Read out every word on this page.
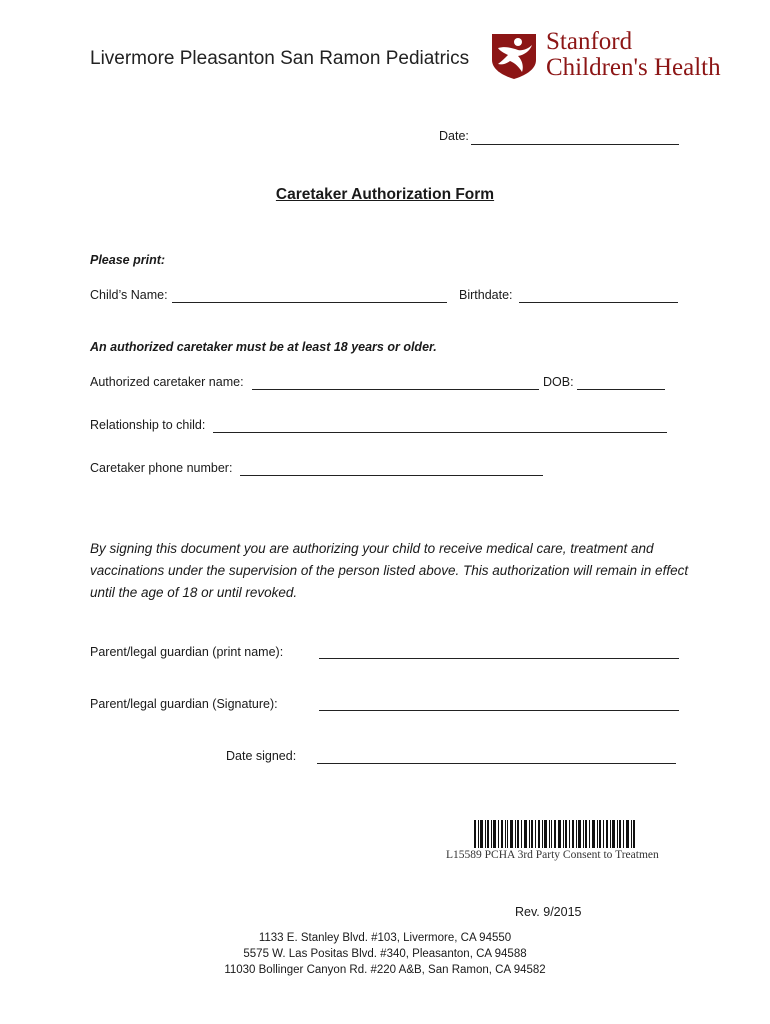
Livermore Pleasanton San Ramon Pediatrics
Stanford
Children's Health
Date:
Caretaker Authorization Form
Please print:
Child’s Name:	Birthdate:
An authorized caretaker must be at least 18 years or older.
Authorized caretaker name:	DOB:
Relationship to child:
Caretaker phone number:
By signing this document you are authorizing your child to receive medical care, treatment and vaccinations under the supervision of the person listed above. This authorization will remain in effect until the age of 18 or until revoked.
Parent/legal guardian (print name):
Parent/legal guardian (Signature):
Date signed:
L15589 PCHA 3rd Party Consent to Treatmen
Rev. 9/2015
1133 E. Stanley Blvd. #103, Livermore, CA 94550
5575 W. Las Positas Blvd. #340, Pleasanton, CA 94588
11030 Bollinger Canyon Rd. #220 A&B, San Ramon, CA 94582
